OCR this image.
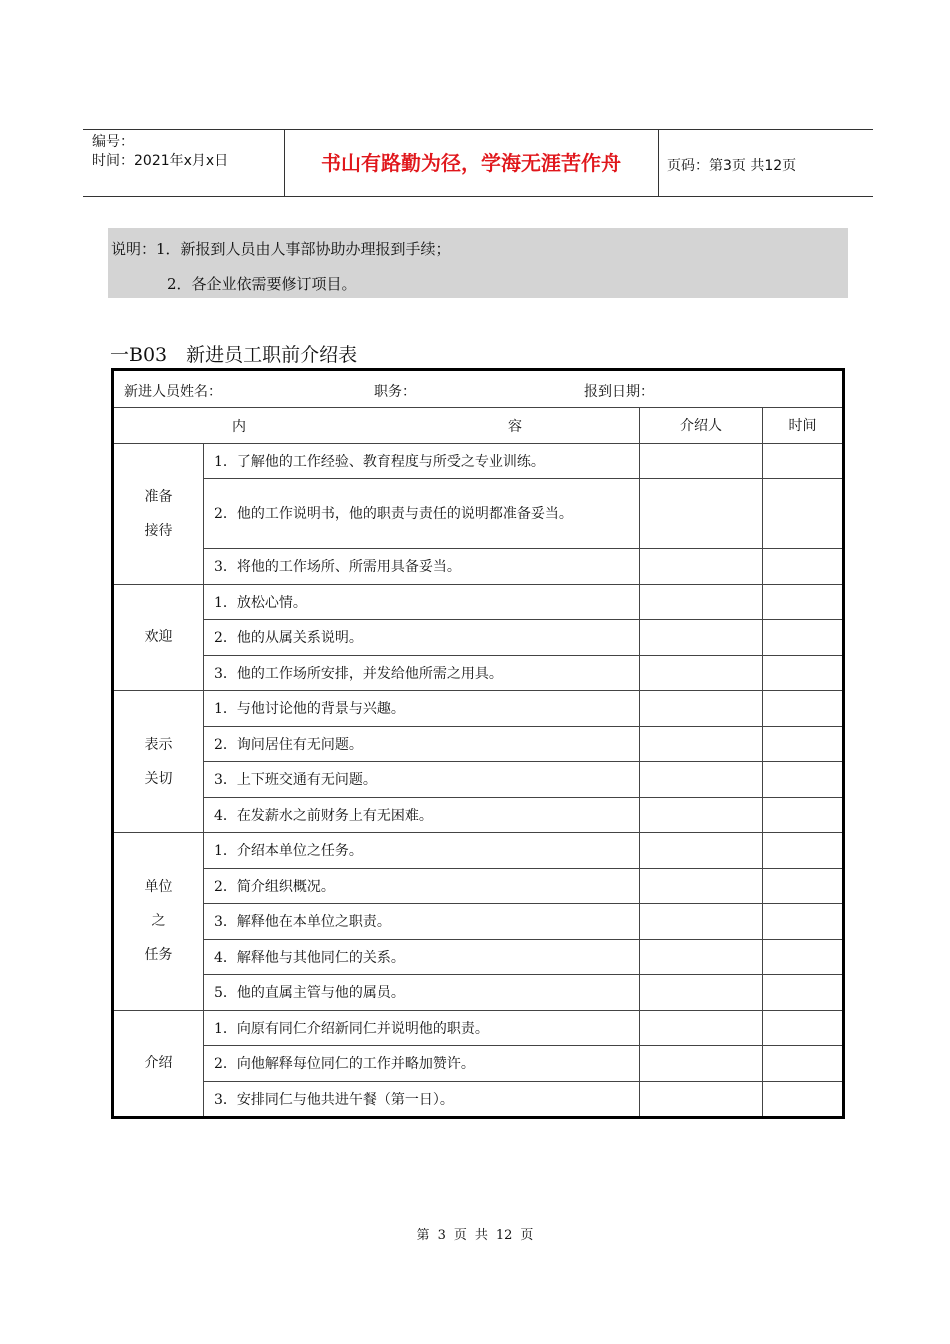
编号：
时间：2021年x月x日	书山有路勤为径，学海无涯苦作舟	页码：第3页 共12页
说明：1．新报到人员由人事部协助办理报到手续；
2．各企业依需要修订项目。
一B03　新进员工职前介绍表
新进人员姓名： 职务： 报到日期：			

内 容		介绍人	时间

准备
接待	1．了解他的工作经验、教育程度与所受之专业训练。		
	2．他的工作说明书，他的职责与责任的说明都准备妥当。		
	3．将他的工作场所、所需用具备妥当。		

欢迎	1．放松心情。		
	2．他的从属关系说明。		
	3．他的工作场所安排，并发给他所需之用具。		

表示
关切	1．与他讨论他的背景与兴趣。		
	2．询问居住有无问题。		
	3．上下班交通有无问题。		
	4．在发薪水之前财务上有无困难。		

单位
之
任务	1．介绍本单位之任务。		
	2．简介组织概况。		
	3．解释他在本单位之职责。		
	4．解释他与其他同仁的关系。		
	5．他的直属主管与他的属员。		

介绍	1．向原有同仁介绍新同仁并说明他的职责。		
	2．向他解释每位同仁的工作并略加赞许。		
	3．安排同仁与他共进午餐（第一日）。		
第 3 页 共 12 页
